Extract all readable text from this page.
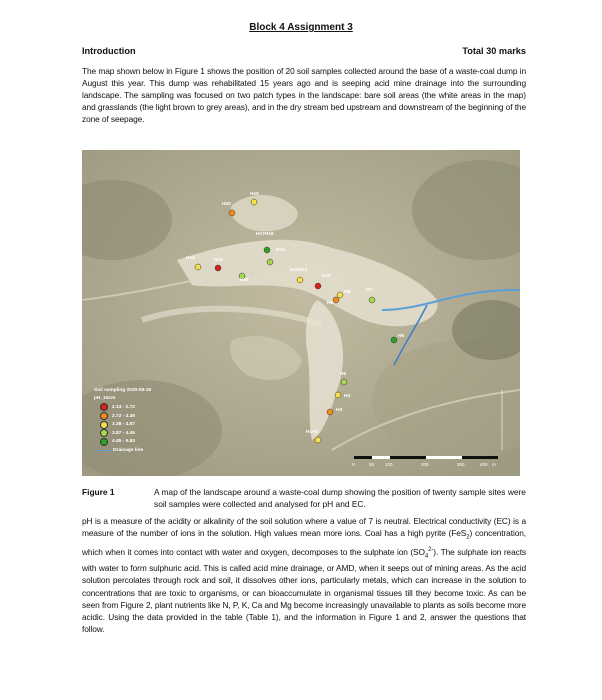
Block 4 Assignment 3
Introduction	Total 30 marks
The map shown below in Figure 1 shows the position of 20 soil samples collected around the base of a waste-coal dump in August this year. This dump was rehabilitated 15 years ago and is seeping acid mine drainage into the surrounding landscape. The sampling was focused on two patch types in the landscape: bare soil areas (the white areas in the map) and grasslands (the light brown to grey areas), and in the dry stream bed upstream and downstream of the beginning of the zone of seepage.
H19
H20
H13	H14
H15
H17H18
H16
H11H12
H10
H9
H8	H7
H6
H5
H4
H3
H1H2
Soil sampling 2020-08-18
pH_10cm
2.14 - 2.72
2.72 - 3.38
3.38 - 3.87
3.87 - 4.45
4.45 - 5.83
Drainage line
0	50 100	200	300	400 m
Figure 1	A map of the landscape around a waste-coal dump showing the position of twenty sample sites were soil samples were collected and analysed for pH and EC.
pH is a measure of the acidity or alkalinity of the soil solution where a value of 7 is neutral. Electrical conductivity (EC) is a measure of the number of ions in the solution. High values mean more ions. Coal has a high pyrite (FeS$_2$) concentration, which when it comes into contact with water and oxygen, decomposes to the sulphate ion $(SO_4^{2-})$. The sulphate ion reacts with water to form sulphuric acid. This is called acid mine drainage, or AMD, when it seeps out of mining areas. As the acid solution percolates through rock and soil, it dissolves other ions, particularly metals, which can increase in the solution to concentrations that are toxic to organisms, or can bioaccumulate in organismal tissues till they become toxic. As can be seen from Figure 2, plant nutrients like N, P, K, Ca and Mg become increasingly unavailable to plants as soils become more acidic. Using the data provided in the table (Table 1), and the information in Figure 1 and 2, answer the questions that follow.
